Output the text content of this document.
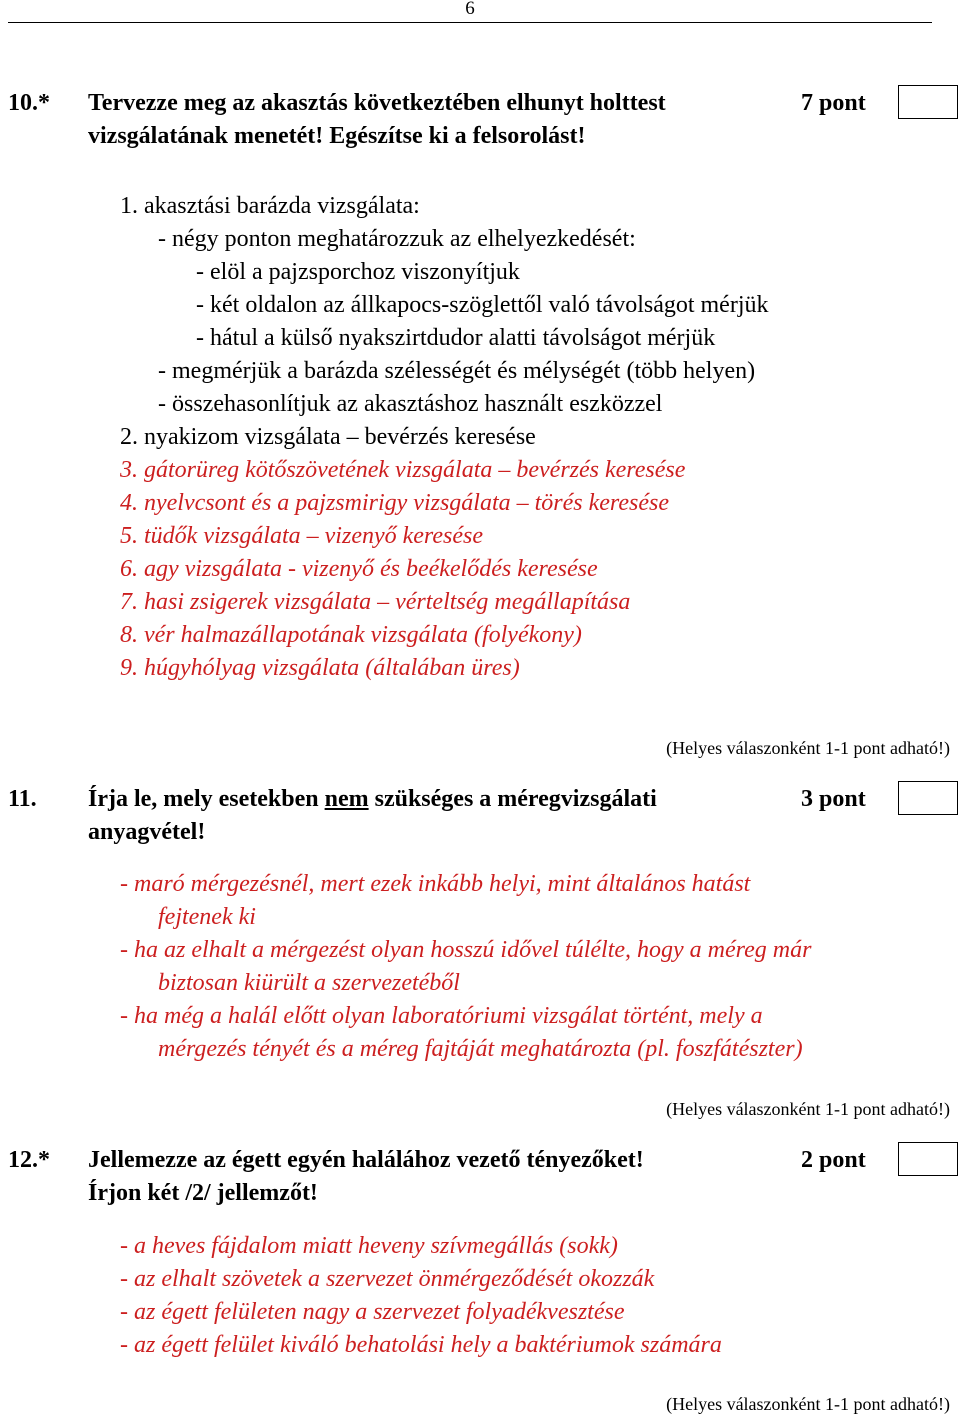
6
10.* Tervezze meg az akasztás következtében elhunyt holttest
vizsgálatának menetét! Egészítse ki a felsorolást!
7 pont
1. akasztási barázda vizsgálata:
- négy ponton meghatározzuk az elhelyezkedését:
- elöl a pajzsporchoz viszonyítjuk
- két oldalon az állkapocs-szöglettől való távolságot mérjük
- hátul a külső nyakszirtdudor alatti távolságot mérjük
- megmérjük a barázda szélességét és mélységét (több helyen)
- összehasonlítjuk az akasztáshoz használt eszközzel
2. nyakizom vizsgálata – bevérzés keresése
3. gátorüreg kötőszövetének vizsgálata – bevérzés keresése
4. nyelvcsont és a pajzsmirigy vizsgálata – törés keresése
5. tüdők vizsgálata – vizenyő keresése
6. agy vizsgálata - vizenyő és beékelődés keresése
7. hasi zsigerek vizsgálata – vérteltség megállapítása
8. vér halmazállapotának vizsgálata (folyékony)
9. húgyhólyag vizsgálata (általában üres)
(Helyes válaszonként 1-1 pont adható!)
11. Írja le, mely esetekben nem szükséges a méregvizsgálati
anyagvétel!
3 pont
- maró mérgezésnél, mert ezek inkább helyi, mint általános hatást
fejtenek ki
- ha az elhalt a mérgezést olyan hosszú idővel túlélte, hogy a méreg már
biztosan kiürült a szervezetéből
- ha még a halál előtt olyan laboratóriumi vizsgálat történt, mely a
mérgezés tényét és a méreg fajtáját meghatározta (pl. foszfátészter)
(Helyes válaszonként 1-1 pont adható!)
12.* Jellemezze az égett egyén halálához vezető tényezőket!
Írjon két /2/ jellemzőt!
2 pont
- a heves fájdalom miatt heveny szívmegállás (sokk)
- az elhalt szövetek a szervezet önmérgeződését okozzák
- az égett felületen nagy a szervezet folyadékvesztése
- az égett felület kiváló behatolási hely a baktériumok számára
(Helyes válaszonként 1-1 pont adható!)
